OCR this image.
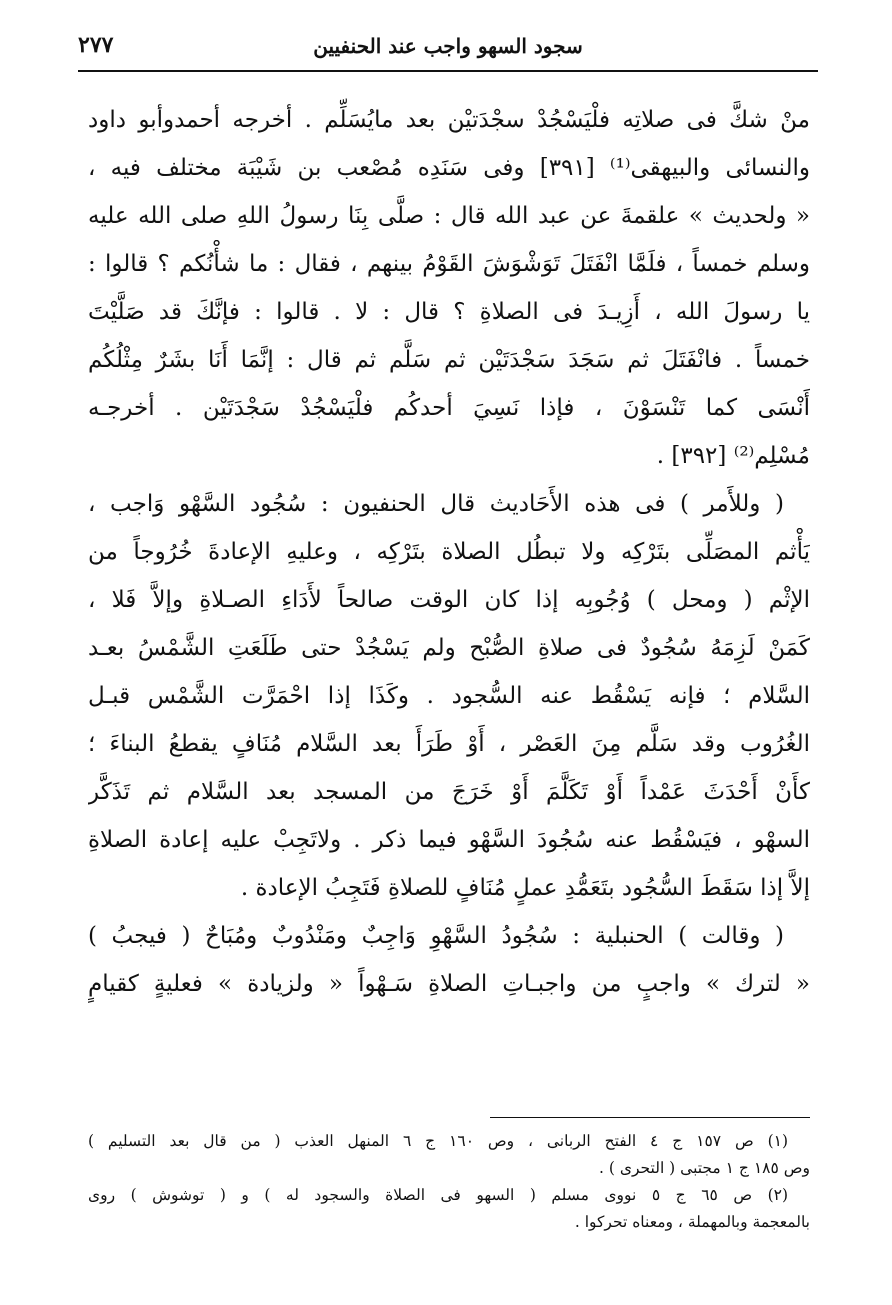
سجود السهو واجب عند الحنفيين
٢٧٧
منْ شكَّ فى صلاتِه فلْيَسْجُدْ سجْدَتيْن بعد مايُسَلِّم . أخرجه أحمدوأبو داود
والنسائى والبيهقى⁽¹⁾ [٣٩١] وفى سَنَدِه مُصْعب بن شَيْبَة مختلف فيه ،
« ولحديث » علقمةَ عن عبد الله قال : صلَّى بِنَا رسولُ اللهِ صلى الله عليه
وسلم خمساً ، فلَمَّا انْفَتَلَ تَوَشْوَشَ القَوْمُ بينهم ، فقال : ما شأْنُكم ؟ قالوا :
يا رسولَ الله ، أَزِيـدَ فى الصلاةِ ؟ قال : لا . قالوا : فإنَّكَ قد صَلَّيْتَ
خمساً . فانْفَتَلَ ثم سَجَدَ سَجْدَتَيْن ثم سَلَّم ثم قال : إنَّمَا أَنَا بشَرٌ مِثْلُكُم
أَنْسَى كما تَنْسَوْنَ ، فإذا نَسِيَ أحدكُم فلْيَسْجُدْ سَجْدَتَيْن . أخرجـه
مُسْلِم⁽²⁾ [٣٩٢] .
( وللأَمر ) فى هذه الأَحَاديث قال الحنفيون : سُجُود السَّهْو وَاجب ،
يَأْثم المصَلِّى بتَرْكِه ولا تبطُل الصلاة بتَرْكِه ، وعليهِ الإعادةَ خُرُوجاً من
الإثْم ( ومحل ) وُجُوبِه إذا كان الوقت صالحاً لأَدَاءِ الصـلاةِ وإلاَّ فَلا ،
كَمَنْ لَزِمَهُ سُجُودٌ فى صلاةِ الصُّبْح ولم يَسْجُدْ حتى طَلَعَتِ الشَّمْسُ بعـد
السَّلام ؛ فإنه يَسْقُط عنه السُّجود . وكَذَا إذا احْمَرَّت الشَّمْس قبـل
الغُرُوب وقد سَلَّم مِنَ العَصْر ، أَوْ طَرَأَ بعد السَّلام مُنَافٍ يقطعُ البناءَ ؛
كأَنْ أَحْدَثَ عَمْداً أَوْ تَكَلَّمَ أَوْ خَرَجَ من المسجد بعد السَّلام ثم تَذَكَّر
السهْو ، فيَسْقُط عنه سُجُودَ السَّهْو فيما ذكر . ولاتَجِبْ عليه إعادة الصلاةِ
إلاَّ إذا سَقَطَ السُّجُود بتَعَمُّدِ عملٍ مُنَافٍ للصلاةِ فَتَجِبُ الإعادة .
( وقالت ) الحنبلية : سُجُودُ السَّهْوِ وَاجِبٌ ومَنْدُوبٌ ومُبَاحٌ ( فيجبُ )
« لترك » واجبٍ من واجبـاتِ الصلاةِ سَـهْواً « ولزيادة » فعليةٍ كقيامٍ
(١) ص ١٥٧ ج ٤ الفتح الربانى ، وص ١٦٠ ج ٦ المنهل العذب ( من قال بعد التسليم )
وص ١٨٥ ج ١ مجتبى ( التحرى ) .
(٢) ص ٦٥ ج ٥ نووى مسلم ( السهو فى الصلاة والسجود له ) و ( توشوش ) روى
بالمعجمة وبالمهملة ، ومعناه تحركوا .
